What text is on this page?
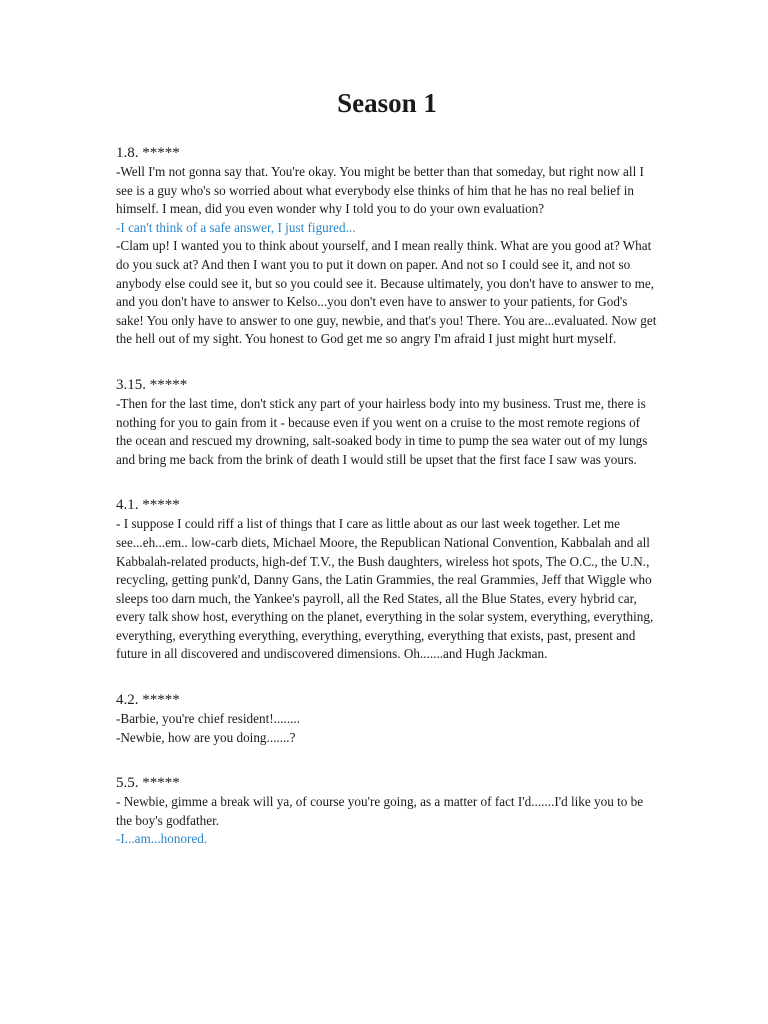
Season 1

1.8. *****

-Well I'm not gonna say that. You're okay. You might be better than that someday, but right now all I see is a guy who's so worried about what everybody else thinks of him that he has no real belief in himself. I mean, did you even wonder why I told you to do your own evaluation?

-I can't think of a safe answer, I just figured...

-Clam up! I wanted you to think about yourself, and I mean really think. What are you good at? What do you suck at? And then I want you to put it down on paper. And not so I could see it, and not so anybody else could see it, but so you could see it. Because ultimately, you don't have to answer to me, and you don't have to answer to Kelso...you don't even have to answer to your patients, for God's sake! You only have to answer to one guy, newbie, and that's you! There. You are...evaluated. Now get the hell out of my sight. You honest to God get me so angry I'm afraid I just might hurt myself.

3.15. *****

-Then for the last time, don't stick any part of your hairless body into my business. Trust me, there is nothing for you to gain from it - because even if you went on a cruise to the most remote regions of the ocean and rescued my drowning, salt-soaked body in time to pump the sea water out of my lungs and bring me back from the brink of death I would still be upset that the first face I saw was yours.

4.1. *****

- I suppose I could riff a list of things that I care as little about as our last week together. Let me see...eh...em.. low-carb diets, Michael Moore, the Republican National Convention, Kabbalah and all Kabbalah-related products, high-def T.V., the Bush daughters, wireless hot spots, The O.C., the U.N., recycling, getting punk'd, Danny Gans, the Latin Grammies, the real Grammies, Jeff that Wiggle who sleeps too darn much, the Yankee's payroll, all the Red States, all the Blue States, every hybrid car, every talk show host, everything on the planet, everything in the solar system, everything, everything, everything, everything everything, everything, everything, everything that exists, past, present and future in all discovered and undiscovered dimensions. Oh.......and Hugh Jackman.

4.2. *****

-Barbie, you're chief resident!........

-Newbie, how are you doing.......?

5.5. *****

- Newbie, gimme a break will ya, of course you're going, as a matter of fact I'd.......I'd like you to be the boy's godfather.

-I...am...honored.
